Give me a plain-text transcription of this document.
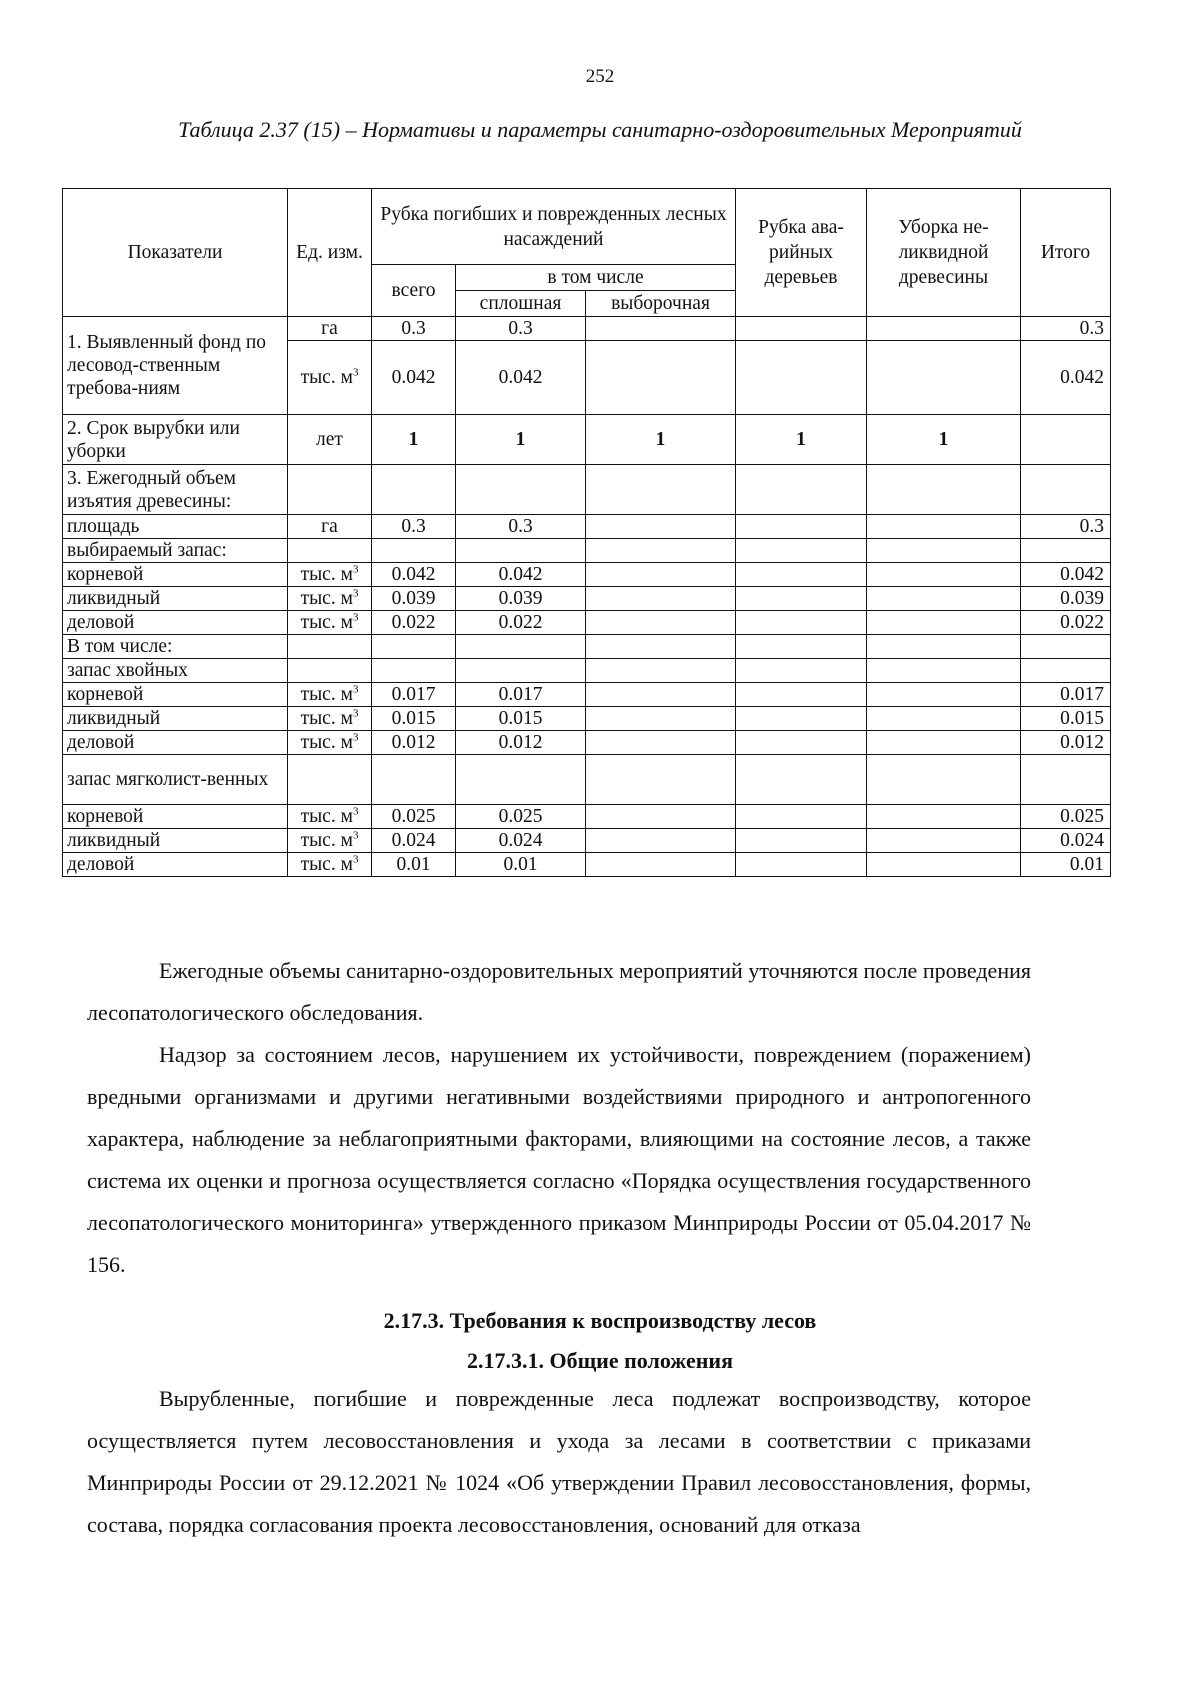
252
Таблица 2.37 (15) – Нормативы и параметры санитарно-оздоровительных Мероприятий
Показатели	Ед. изм.	Рубка погибших и поврежденных лесных насаждений			Рубка ава-рийных деревьев	Уборка не-ликвидной древесины	Итого
		всего	в том числе				
			сплошная	выборочная			
1. Выявленный фонд по лесовод-ственным требова-ниям	га	0.3	0.3				0.3
	тыс. $м^3$	0.042	0.042				0.042
2. Срок вырубки или уборки	лет	1	1	1	1	1	
3. Ежегодный объем изъятия древесины:							
площадь	га	0.3	0.3				0.3
выбираемый запас:							
корневой	тыс. $м^3$	0.042	0.042				0.042
ликвидный	тыс. $м^3$	0.039	0.039				0.039
деловой	тыс. $м^3$	0.022	0.022				0.022
В том числе:							
запас хвойных							
корневой	тыс. $м^3$	0.017	0.017				0.017
ликвидный	тыс. $м^3$	0.015	0.015				0.015
деловой	тыс. $м^3$	0.012	0.012				0.012
запас мягколист-венных							
корневой	тыс. $м^3$	0.025	0.025				0.025
ликвидный	тыс. $м^3$	0.024	0.024				0.024
деловой	тыс. $м^3$	0.01	0.01				0.01

Ежегодные объемы санитарно-оздоровительных мероприятий уточняются после проведения лесопатологического обследования.

Надзор за состоянием лесов, нарушением их устойчивости, повреждением (поражением) вредными организмами и другими негативными воздействиями природного и антропогенного характера, наблюдение за неблагоприятными факторами, влияющими на состояние лесов, а также система их оценки и прогноза осуществляется согласно «Порядка осуществления государственного лесопатологического мониторинга» утвержденного приказом Минприроды России от 05.04.2017 № 156.

2.17.3. Требования к воспроизводству лесов
2.17.3.1. Общие положения

Вырубленные, погибшие и поврежденные леса подлежат воспроизводству, которое осуществляется путем лесовосстановления и ухода за лесами в соответствии с приказами Минприроды России от 29.12.2021 № 1024 «Об утверждении Правил лесовосстановления, формы, состава, порядка согласования проекта лесовосстановления, оснований для отказа
